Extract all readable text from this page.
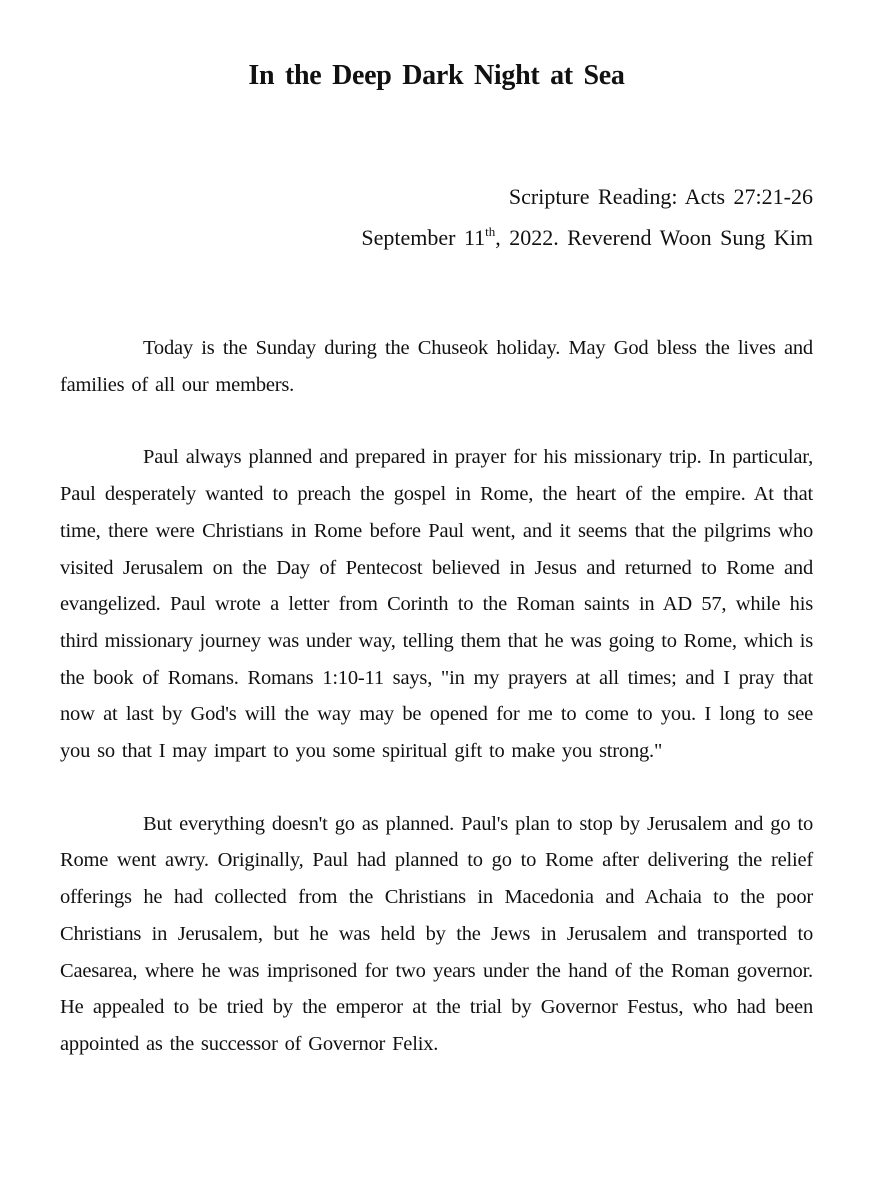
In the Deep Dark Night at Sea
Scripture Reading: Acts 27:21-26
September 11th, 2022. Reverend Woon Sung Kim

Today is the Sunday during the Chuseok holiday. May God bless the lives and families of all our members.

Paul always planned and prepared in prayer for his missionary trip. In particular, Paul desperately wanted to preach the gospel in Rome, the heart of the empire. At that time, there were Christians in Rome before Paul went, and it seems that the pilgrims who visited Jerusalem on the Day of Pentecost believed in Jesus and returned to Rome and evangelized. Paul wrote a letter from Corinth to the Roman saints in AD 57, while his third missionary journey was under way, telling them that he was going to Rome, which is the book of Romans. Romans 1:10-11 says, "in my prayers at all times; and I pray that now at last by God's will the way may be opened for me to come to you. I long to see you so that I may impart to you some spiritual gift to make you strong."

But everything doesn't go as planned. Paul's plan to stop by Jerusalem and go to Rome went awry. Originally, Paul had planned to go to Rome after delivering the relief offerings he had collected from the Christians in Macedonia and Achaia to the poor Christians in Jerusalem, but he was held by the Jews in Jerusalem and transported to Caesarea, where he was imprisoned for two years under the hand of the Roman governor. He appealed to be tried by the emperor at the trial by Governor Festus, who had been appointed as the successor of Governor Felix.
